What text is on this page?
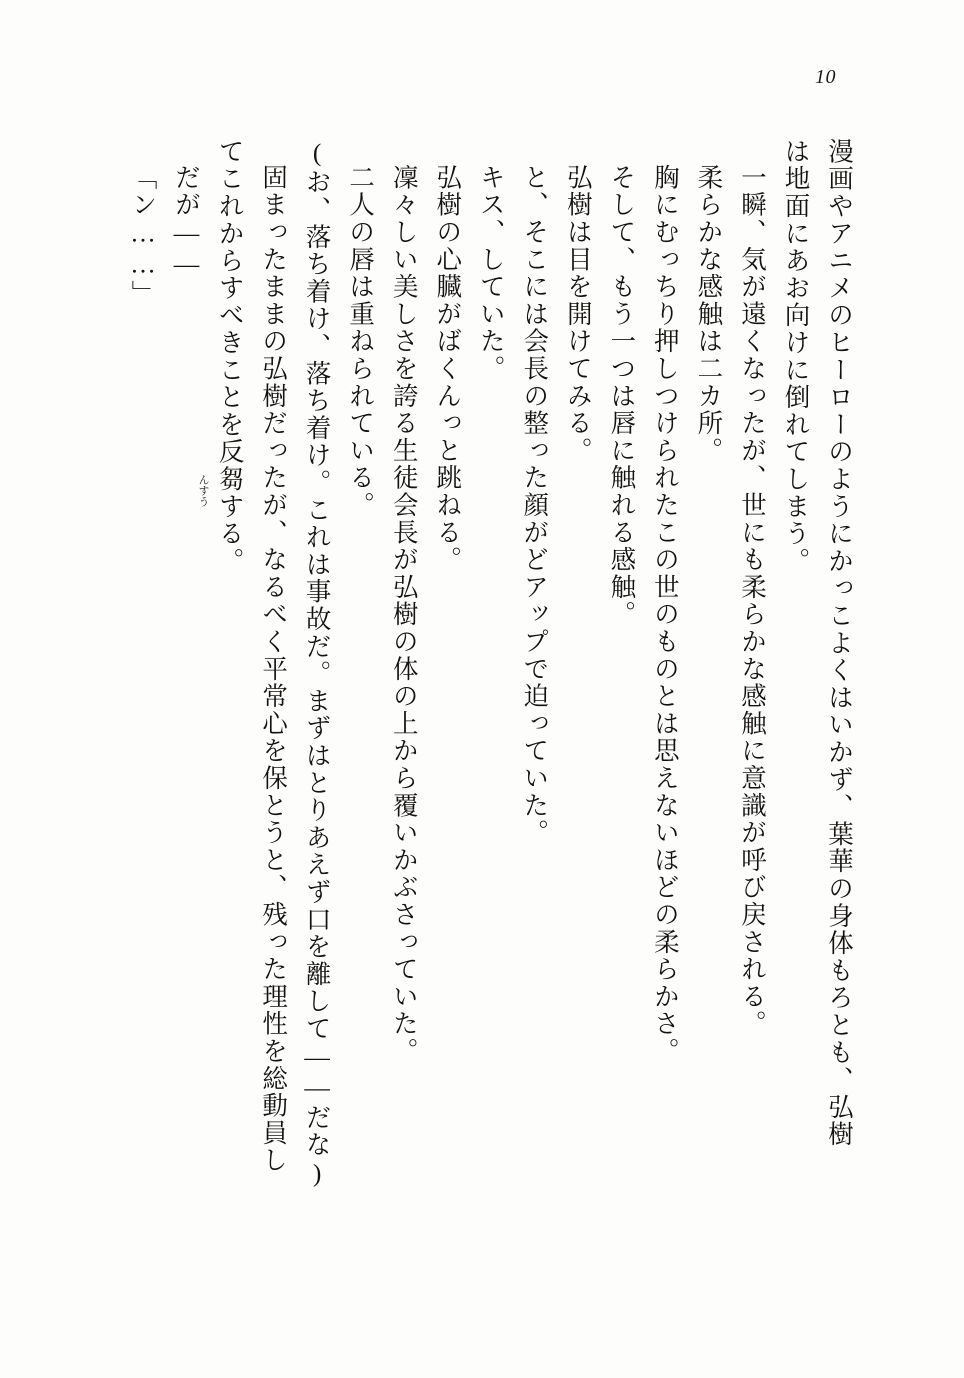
10
漫画やアニメのヒーローのようにかっこよくはいかず、葉華の身体もろとも、弘樹
は地面にあお向けに倒れてしまう。
一瞬、気が遠くなったが、世にも柔らかな感触に意識が呼び戻される。
柔らかな感触は二カ所。
胸にむっちり押しつけられたこの世のものとは思えないほどの柔らかさ。
そして、もう一つは唇に触れる感触。
弘樹は目を開けてみる。
と、そこには会長の整った顔がどアップで迫っていた。
キス、していた。
弘樹の心臓がばくんっと跳ねる。
凜々しい美しさを誇る生徒会長が弘樹の体の上から覆いかぶさっていた。
二人の唇は重ねられている。
(お、落ち着け、落ち着け。これは事故だ。まずはとりあえず口を離して——だな)
固まったままの弘樹だったが、なるべく平常心を保とうと、残った理性を総動員し
てこれからすべきことを反芻する。
んすう
だが——
「ン……」
